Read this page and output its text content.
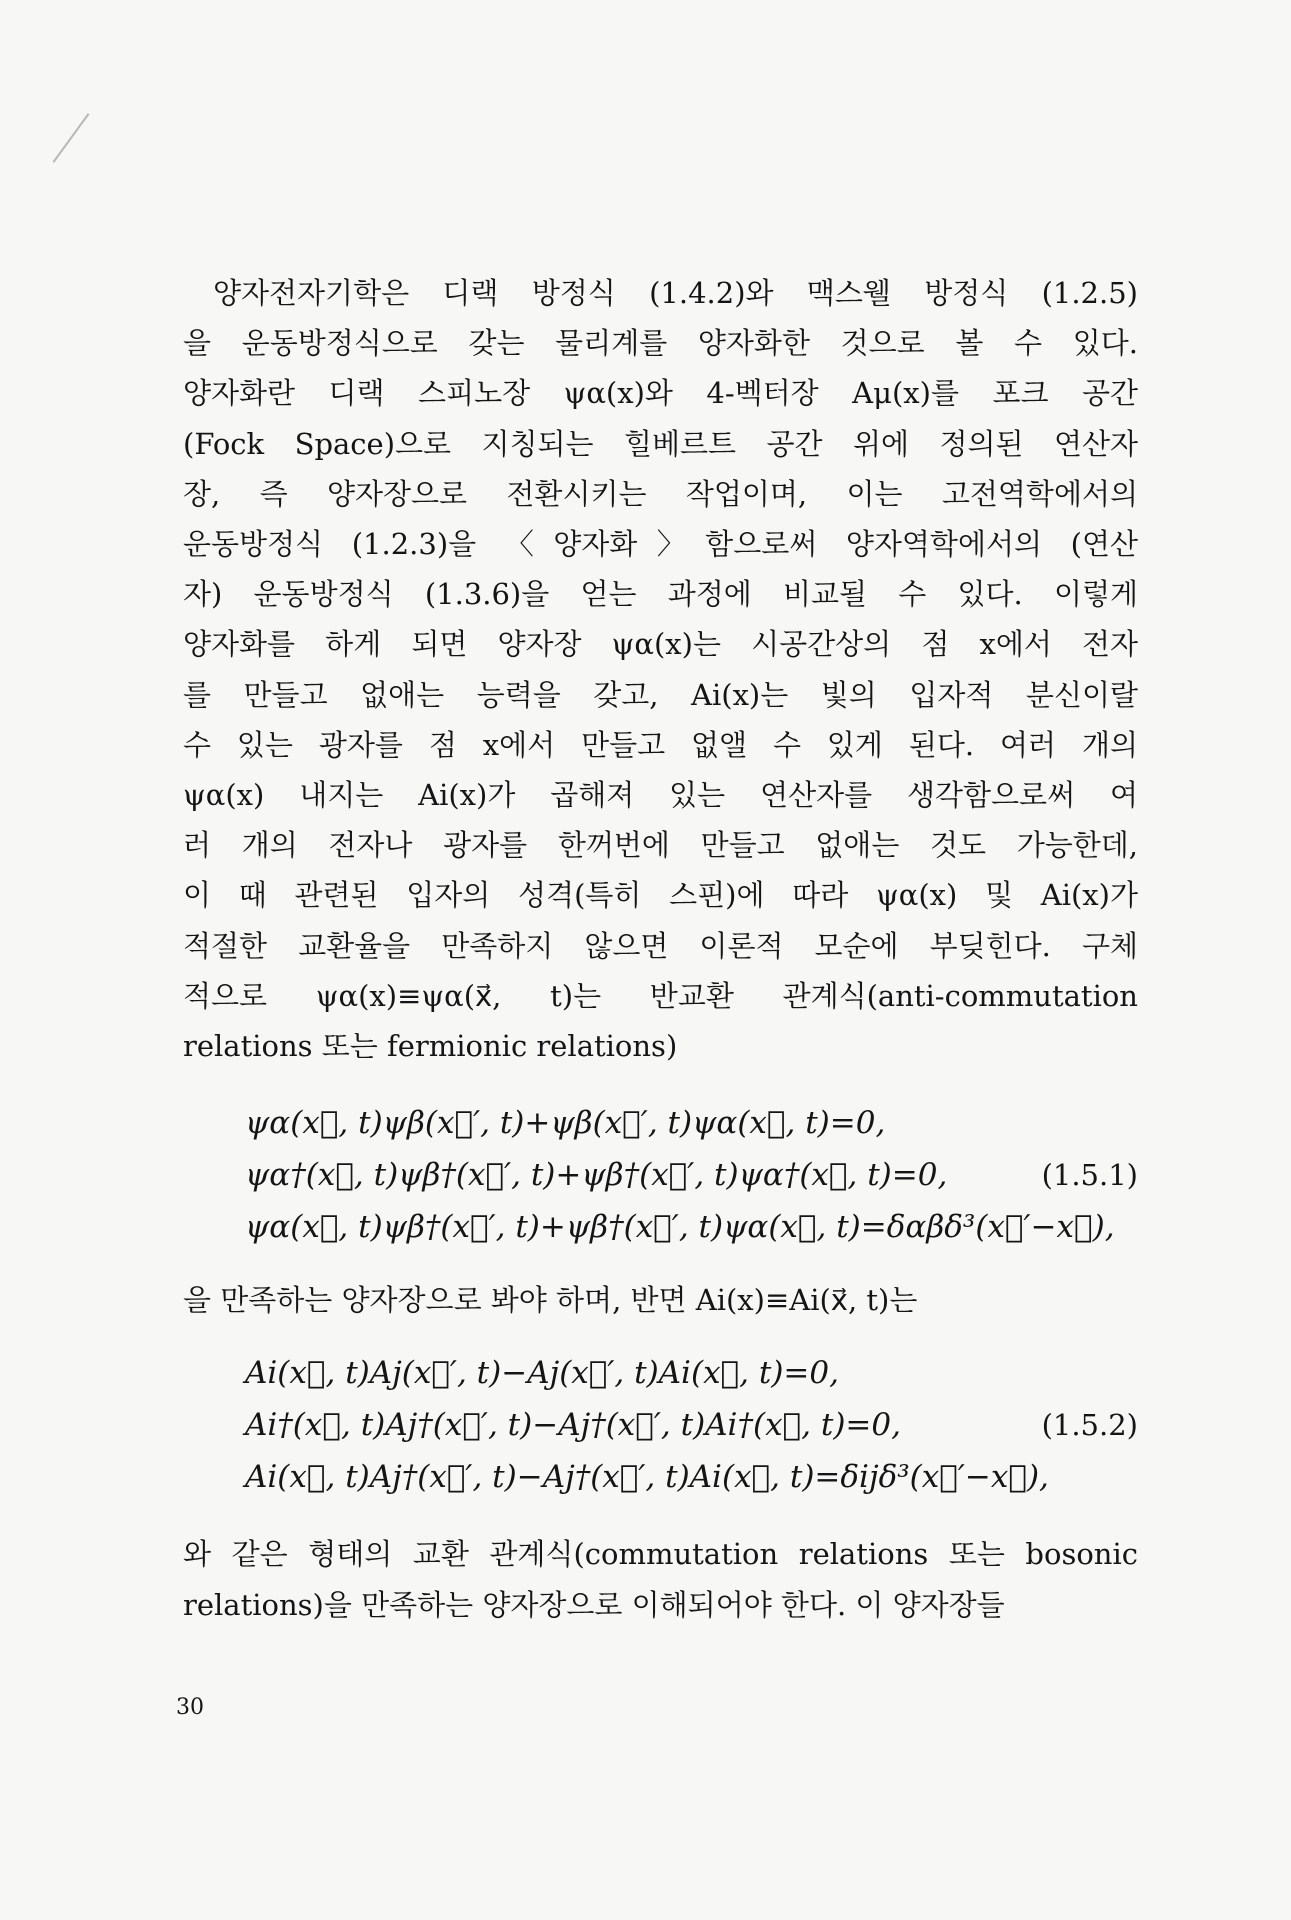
양자전자기학은 디랙 방정식 (1.4.2)와 맥스웰 방정식 (1.2.5)
을 운동방정식으로 갖는 물리계를 양자화한 것으로 볼 수 있다.
양자화란 디랙 스피노장 ψα(x)와 4-벡터장 Aμ(x)를 포크 공간
(Fock Space)으로 지칭되는 힐베르트 공간 위에 정의된 연산자
장, 즉 양자장으로 전환시키는 작업이며, 이는 고전역학에서의
운동방정식 (1.2.3)을 〈양자화〉함으로써 양자역학에서의 (연산
자) 운동방정식 (1.3.6)을 얻는 과정에 비교될 수 있다. 이렇게
양자화를 하게 되면 양자장 ψα(x)는 시공간상의 점 x에서 전자
를 만들고 없애는 능력을 갖고, Ai(x)는 빛의 입자적 분신이랄
수 있는 광자를 점 x에서 만들고 없앨 수 있게 된다. 여러 개의
ψα(x) 내지는 Ai(x)가 곱해져 있는 연산자를 생각함으로써 여
러 개의 전자나 광자를 한꺼번에 만들고 없애는 것도 가능한데,
이 때 관련된 입자의 성격(특히 스핀)에 따라 ψα(x) 및 Ai(x)가
적절한 교환율을 만족하지 않으면 이론적 모순에 부딪힌다. 구체
적으로 ψα(x)≡ψα(x⃗, t)는 반교환 관계식(anti-commutation
relations 또는 fermionic relations)

ψα(x⃗, t)ψβ(x⃗′, t)+ψβ(x⃗′, t)ψα(x⃗, t)=0,
ψα†(x⃗, t)ψβ†(x⃗′, t)+ψβ†(x⃗′, t)ψα†(x⃗, t)=0,
ψα(x⃗, t)ψβ†(x⃗′, t)+ψβ†(x⃗′, t)ψα(x⃗, t)=δαβδ³(x⃗′−x⃗),
(1.5.1)

을 만족하는 양자장으로 봐야 하며, 반면 Ai(x)≡Ai(x⃗, t)는

Ai(x⃗, t)Aj(x⃗′, t)−Aj(x⃗′, t)Ai(x⃗, t)=0,
Ai†(x⃗, t)Aj†(x⃗′, t)−Aj†(x⃗′, t)Ai†(x⃗, t)=0,
Ai(x⃗, t)Aj†(x⃗′, t)−Aj†(x⃗′, t)Ai(x⃗, t)=δijδ³(x⃗′−x⃗),
(1.5.2)

와 같은 형태의 교환 관계식(commutation relations 또는 bosonic
relations)을 만족하는 양자장으로 이해되어야 한다. 이 양자장들

30
